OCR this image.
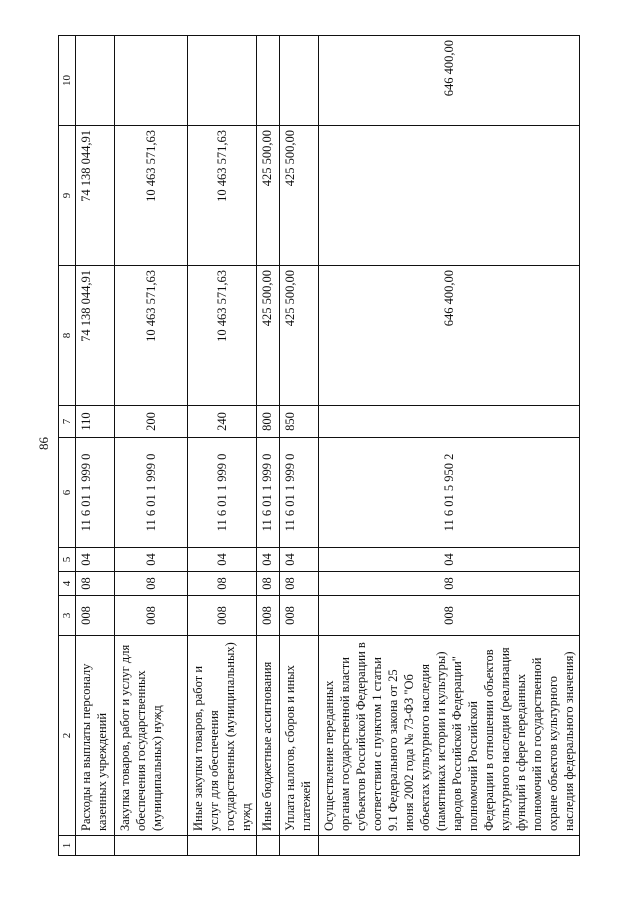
86
1	2	3	4	5	6	7	8	9	10
	Расходы на выплаты персоналу казенных учреждений	008	08	04	11 6 01 1 999 0	110	74 138 044,91	74 138 044,91	
	Закупка товаров, работ и услуг для обеспечения государственных (муниципальных) нужд	008	08	04	11 6 01 1 999 0	200	10 463 571,63	10 463 571,63	
	Иные закупки товаров, работ и услуг для обеспечения государственных (муниципальных) нужд	008	08	04	11 6 01 1 999 0	240	10 463 571,63	10 463 571,63	
	Иные бюджетные ассигнования	008	08	04	11 6 01 1 999 0	800	425 500,00	425 500,00	
	Уплата налогов, сборов и иных платежей	008	08	04	11 6 01 1 999 0	850	425 500,00	425 500,00	
	Осуществление переданных органам государственной власти субъектов Российской Федерации в соответствии с пунктом 1 статьи 9.1 Федерального закона от 25 июня 2002 года № 73-ФЗ "Об объектах культурного наследия (памятниках истории и культуры) народов Российской Федерации" полномочий Российской Федерации в отношении объектов культурного наследия (реализация функций в сфере переданных полномочий по государственной охране объектов культурного наследия федерального значения)	008	08	04	11 6 01 5 950 2		646 400,00		646 400,00
